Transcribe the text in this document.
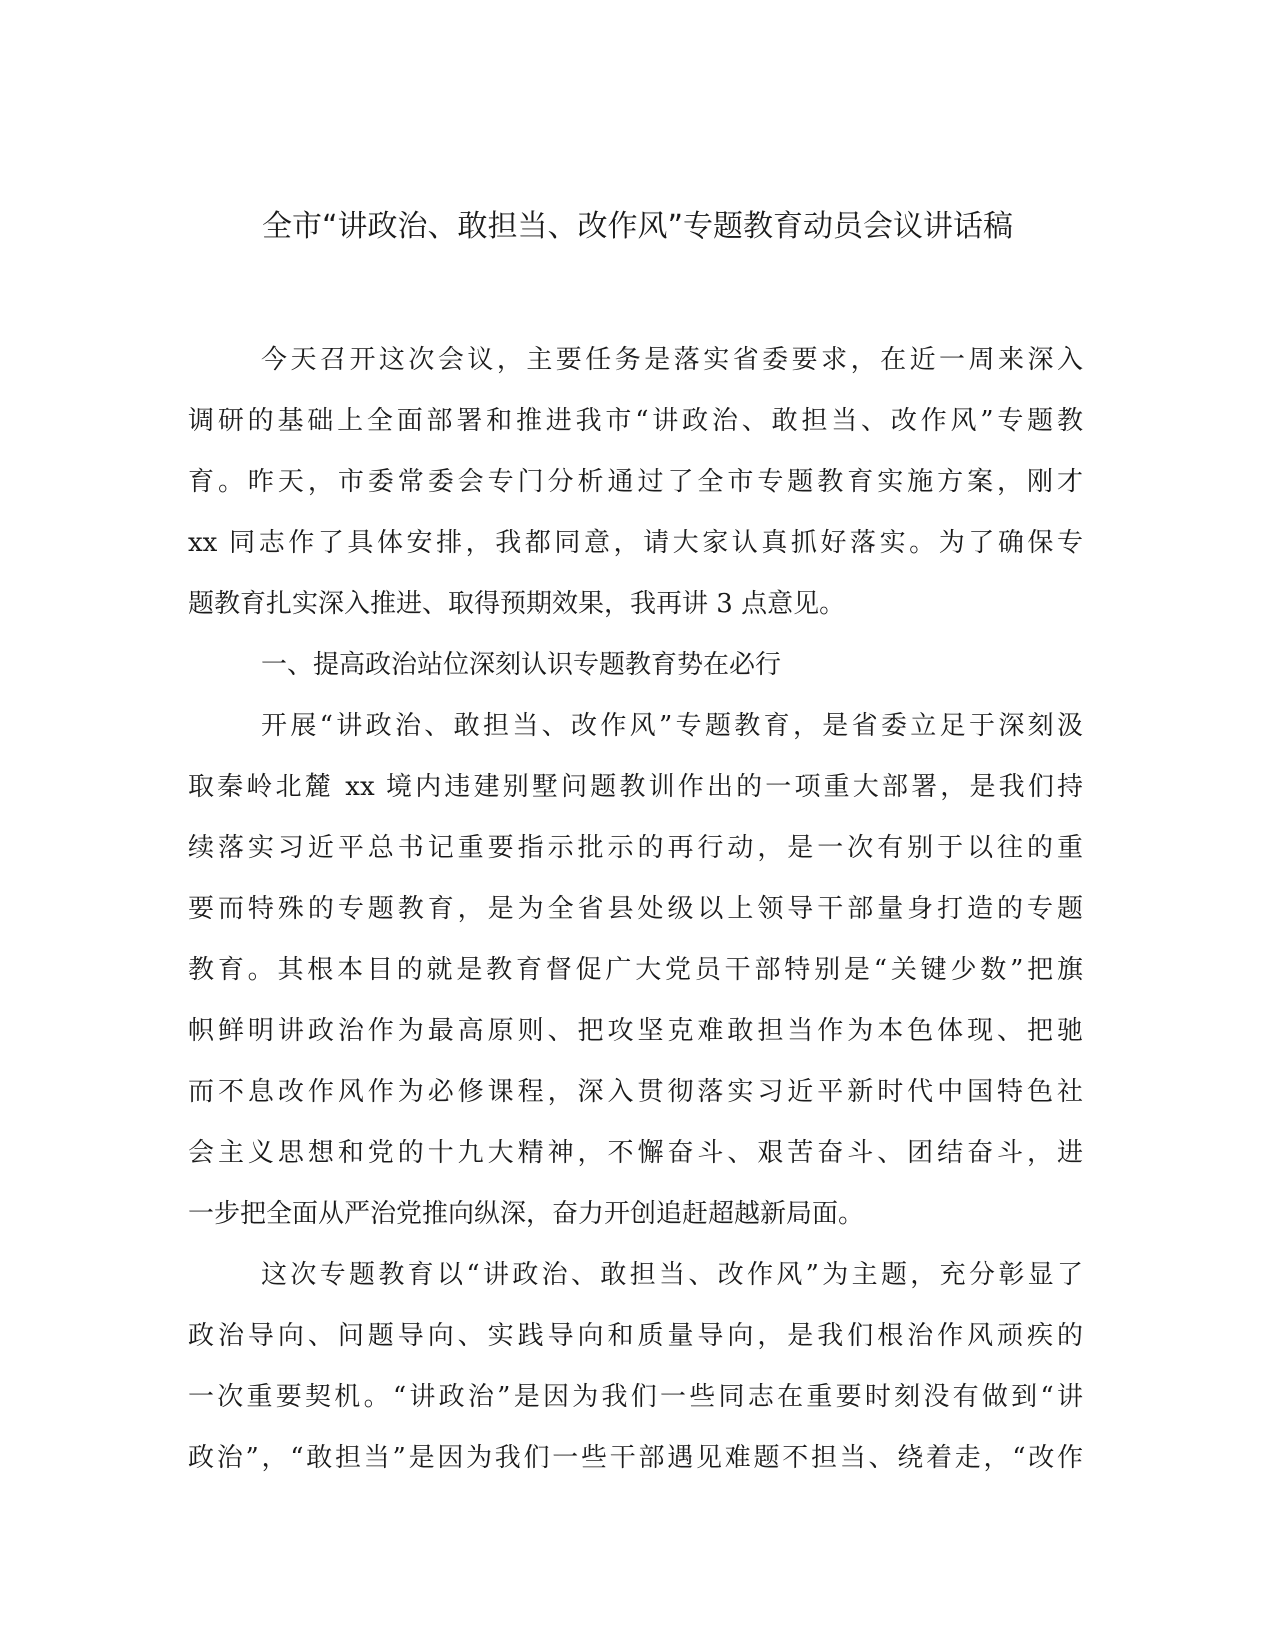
全市“讲政治、敢担当、改作风”专题教育动员会议讲话稿
今天召开这次会议，主要任务是落实省委要求，在近一周来深入
调研的基础上全面部署和推进我市“讲政治、敢担当、改作风”专题教
育。昨天，市委常委会专门分析通过了全市专题教育实施方案，刚才
xx 同志作了具体安排，我都同意，请大家认真抓好落实。为了确保专
题教育扎实深入推进、取得预期效果，我再讲 3 点意见。
一、提高政治站位深刻认识专题教育势在必行
开展“讲政治、敢担当、改作风”专题教育，是省委立足于深刻汲
取秦岭北麓 xx 境内违建别墅问题教训作出的一项重大部署，是我们持
续落实习近平总书记重要指示批示的再行动，是一次有别于以往的重
要而特殊的专题教育，是为全省县处级以上领导干部量身打造的专题
教育。其根本目的就是教育督促广大党员干部特别是“关键少数”把旗
帜鲜明讲政治作为最高原则、把攻坚克难敢担当作为本色体现、把驰
而不息改作风作为必修课程，深入贯彻落实习近平新时代中国特色社
会主义思想和党的十九大精神，不懈奋斗、艰苦奋斗、团结奋斗，进
一步把全面从严治党推向纵深，奋力开创追赶超越新局面。
这次专题教育以“讲政治、敢担当、改作风”为主题，充分彰显了
政治导向、问题导向、实践导向和质量导向，是我们根治作风顽疾的
一次重要契机。“讲政治”是因为我们一些同志在重要时刻没有做到“讲
政治”，“敢担当”是因为我们一些干部遇见难题不担当、绕着走，“改作
